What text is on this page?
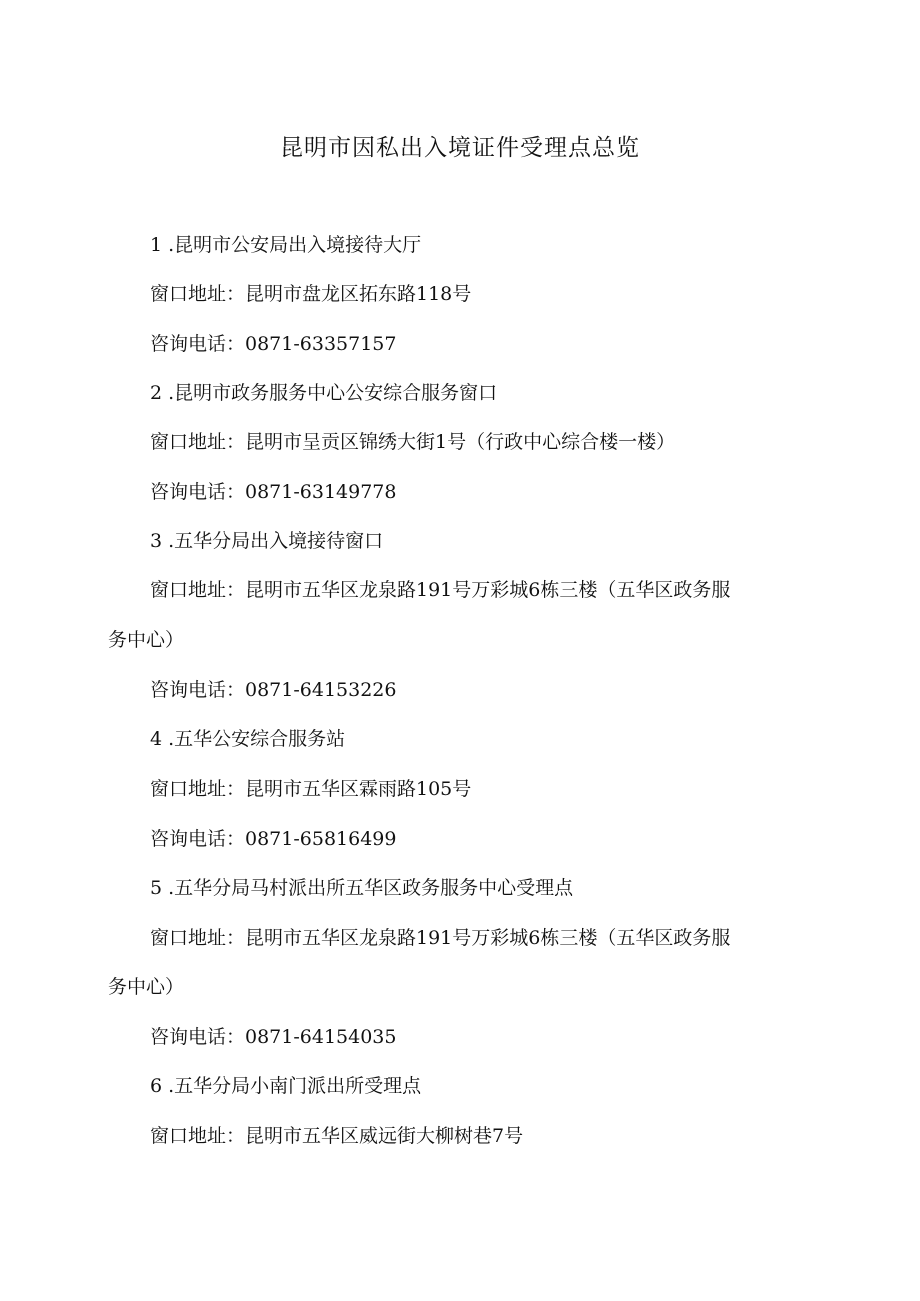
昆明市因私出入境证件受理点总览
1 .昆明市公安局出入境接待大厅
窗口地址：昆明市盘龙区拓东路118号
咨询电话：0871-63357157
2 .昆明市政务服务中心公安综合服务窗口
窗口地址：昆明市呈贡区锦绣大街1号（行政中心综合楼一楼）
咨询电话：0871-63149778
3 .五华分局出入境接待窗口
窗口地址：昆明市五华区龙泉路191号万彩城6栋三楼（五华区政务服
务中心）
咨询电话：0871-64153226
4 .五华公安综合服务站
窗口地址：昆明市五华区霖雨路105号
咨询电话：0871-65816499
5 .五华分局马村派出所五华区政务服务中心受理点
窗口地址：昆明市五华区龙泉路191号万彩城6栋三楼（五华区政务服
务中心）
咨询电话：0871-64154035
6 .五华分局小南门派出所受理点
窗口地址：昆明市五华区威远街大柳树巷7号
